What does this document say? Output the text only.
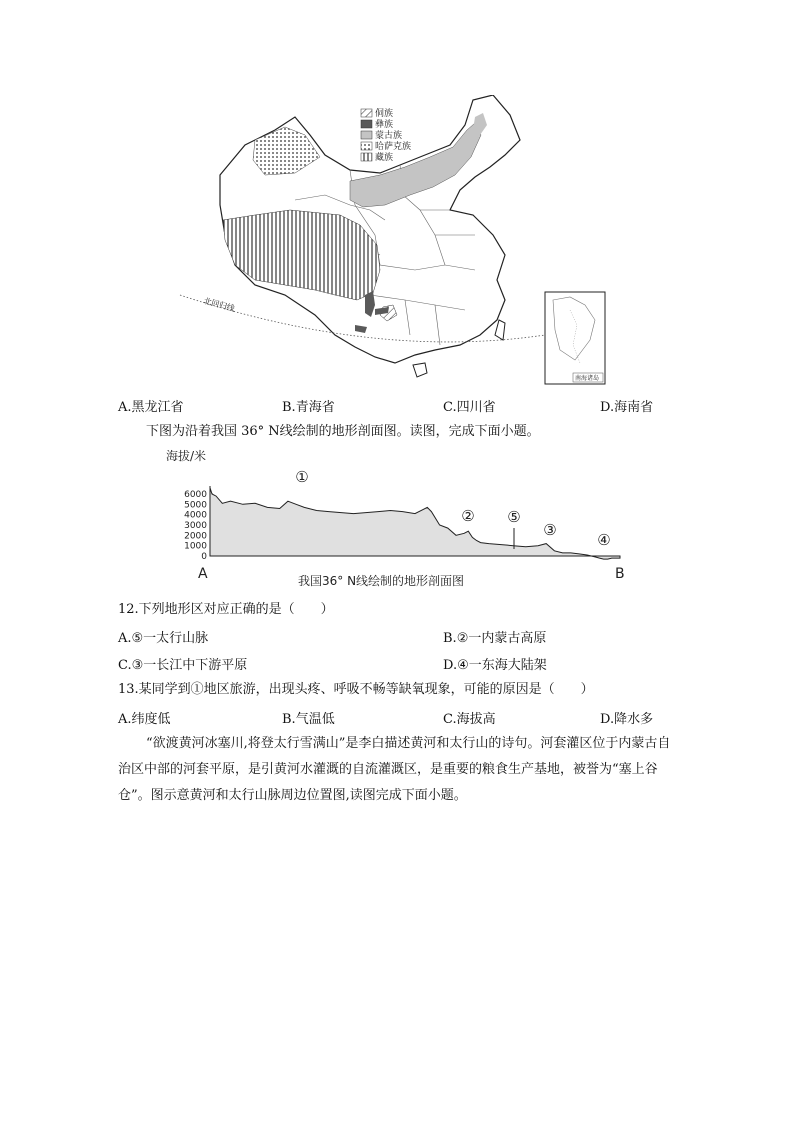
北回归线
侗族
彝族
蒙古族
哈萨克族
藏族
南海诸岛
A.黑龙江省	B.青海省	C.四川省	D.海南省
下图为沿着我国 36° N线绘制的地形剖面图。读图，完成下面小题。
海拔/米
0
1000
2000
3000
4000
5000
6000
①
② ⑤
③
④
A	B
我国36° N线绘制的地形剖面图
12.下列地形区对应正确的是（　　）
A.⑤一太行山脉	B.②一内蒙古高原
C.③一长江中下游平原	D.④一东海大陆架
13.某同学到①地区旅游，出现头疼、呼吸不畅等缺氧现象，可能的原因是（　　）
A.纬度低	B.气温低	C.海拔高	D.降水多
“欲渡黄河冰塞川,将登太行雪满山”是李白描述黄河和太行山的诗句。河套灌区位于内蒙古自治区中部的河套平原，是引黄河水灌溉的自流灌溉区，是重要的粮食生产基地，被誉为“塞上谷仓”。图示意黄河和太行山脉周边位置图,读图完成下面小题。
